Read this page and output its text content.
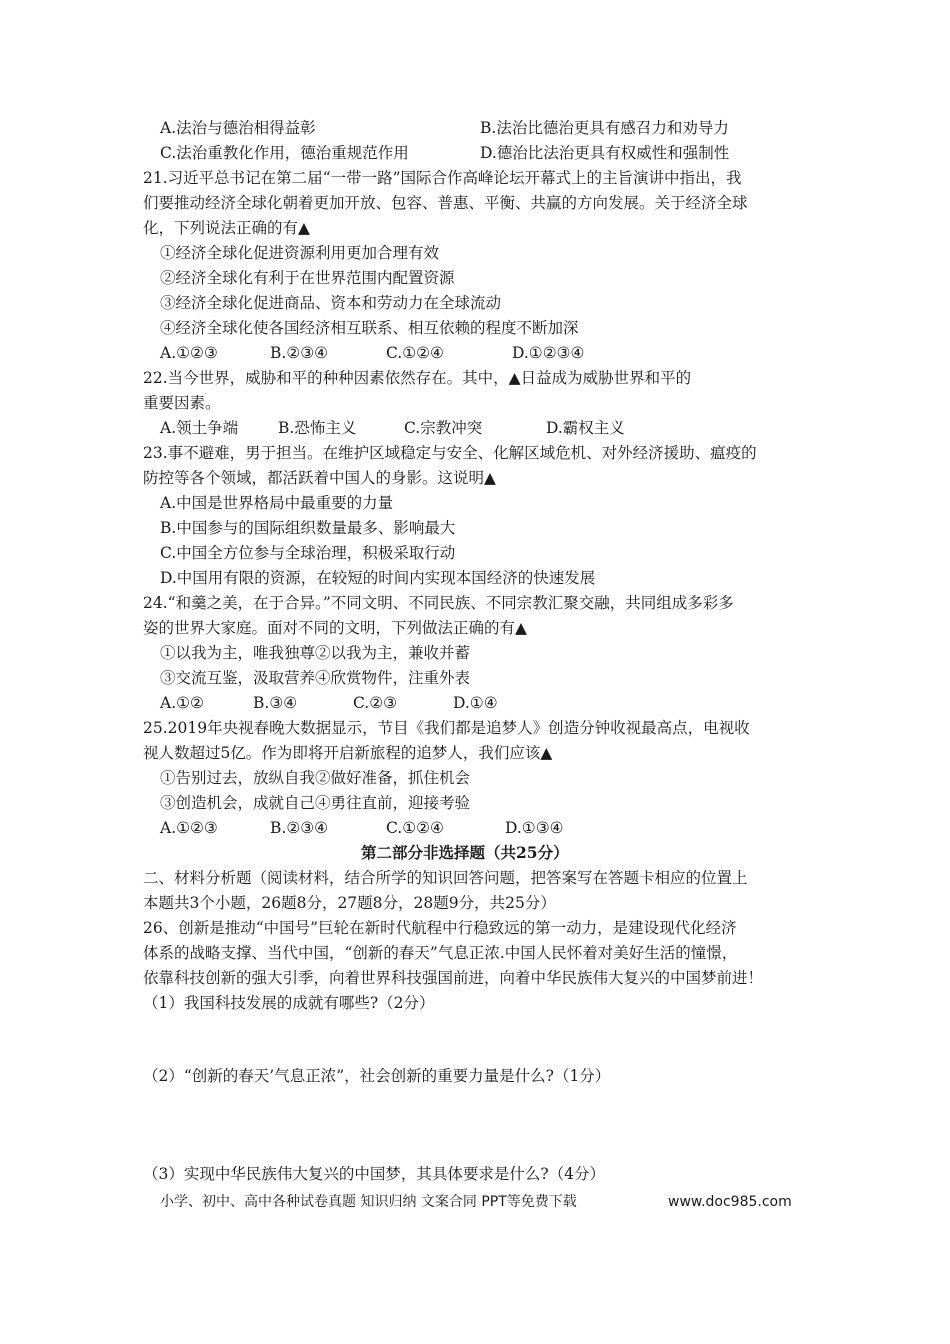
A.法治与德治相得益彰	B.法治比德治更具有感召力和劝导力
C.法治重教化作用，德治重规范作用	D.德治比法治更具有权威性和强制性
21.习近平总书记在第二届“一带一路”国际合作高峰论坛开幕式上的主旨演讲中指出，我
们要推动经济全球化朝着更加开放、包容、普惠、平衡、共赢的方向发展。关于经济全球
化，下列说法正确的有▲
①经济全球化促进资源利用更加合理有效
②经济全球化有利于在世界范围内配置资源
③经济全球化促进商品、资本和劳动力在全球流动
④经济全球化使各国经济相互联系、相互依赖的程度不断加深
A.①②③	B.②③④	C.①②④	D.①②③④
22.当今世界，威胁和平的种种因素依然存在。其中，▲日益成为威胁世界和平的
重要因素。
A.领土争端	B.恐怖主义	C.宗教冲突	D.霸权主义
23.事不避难，男于担当。在维护区域稳定与安全、化解区域危机、对外经济援助、瘟疫的
防控等各个领域，都活跃着中国人的身影。这说明▲
A.中国是世界格局中最重要的力量
B.中国参与的国际组织数量最多、影响最大
C.中国全方位参与全球治理，积极采取行动
D.中国用有限的资源，在较短的时间内实现本国经济的快速发展
24.“和羹之美，在于合异。”不同文明、不同民族、不同宗教汇聚交融，共同组成多彩多
姿的世界大家庭。面对不同的文明，下列做法正确的有▲
①以我为主，唯我独尊②以我为主，兼收并蓄
③交流互鉴，汲取营养④欣赏物件，注重外表
A.①②	B.③④	C.②③	D.①④
25.2019年央视春晚大数据显示，节目《我们都是追梦人》创造分钟收视最高点，电视收
视人数超过5亿。作为即将开启新旅程的追梦人，我们应该▲
①告别过去，放纵自我②做好准备，抓住机会
③创造机会，成就自己④勇往直前，迎接考验
A.①②③	B.②③④	C.①②④	D.①③④
第二部分非选择题（共25分）
二、材料分析题（阅读材料，结合所学的知识回答问题，把答案写在答题卡相应的位置上
本题共3个小题，26题8分，27题8分，28题9分，共25分）
26、创新是推动“中国号”巨轮在新时代航程中行稳致远的第一动力，是建设现代化经济
体系的战略支撑、当代中国，“创新的春天”气息正浓.中国人民怀着对美好生活的憧憬，
依靠科技创新的强大引季，向着世界科技强国前进，向着中华民族伟大复兴的中国梦前进！
（1）我国科技发展的成就有哪些?（2分）
（2）“创新的春天’气息正浓”，社会创新的重要力量是什么?（1分）
（3）实现中华民族伟大复兴的中国梦，其具体要求是什么?（4分）
小学、初中、高中各种试卷真题 知识归纳 文案合同 PPT等免费下载	www.doc985.com
